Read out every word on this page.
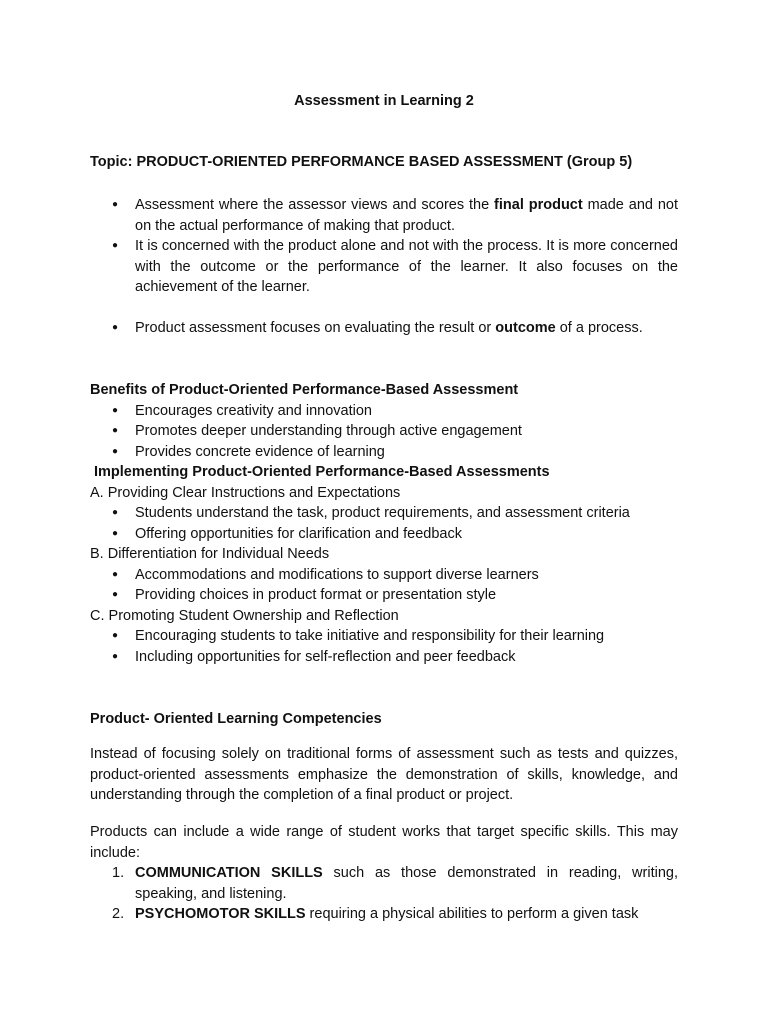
Assessment in Learning 2
Topic: PRODUCT-ORIENTED PERFORMANCE BASED ASSESSMENT (Group 5)
● Assessment where the assessor views and scores the final product made and not on the actual performance of making that product.
● It is concerned with the product alone and not with the process. It is more concerned with the outcome or the performance of the learner. It also focuses on the achievement of the learner.
● Product assessment focuses on evaluating the result or outcome of a process.
Benefits of Product-Oriented Performance-Based Assessment
● Encourages creativity and innovation
● Promotes deeper understanding through active engagement
● Provides concrete evidence of learning
Implementing Product-Oriented Performance-Based Assessments
A. Providing Clear Instructions and Expectations
● Students understand the task, product requirements, and assessment criteria
● Offering opportunities for clarification and feedback
B. Differentiation for Individual Needs
● Accommodations and modifications to support diverse learners
● Providing choices in product format or presentation style
C. Promoting Student Ownership and Reflection
● Encouraging students to take initiative and responsibility for their learning
● Including opportunities for self-reflection and peer feedback
Product- Oriented Learning Competencies
Instead of focusing solely on traditional forms of assessment such as tests and quizzes, product-oriented assessments emphasize the demonstration of skills, knowledge, and understanding through the completion of a final product or project.
Products can include a wide range of student works that target specific skills. This may include:
1. COMMUNICATION SKILLS such as those demonstrated in reading, writing, speaking, and listening.
2. PSYCHOMOTOR SKILLS requiring a physical abilities to perform a given task
